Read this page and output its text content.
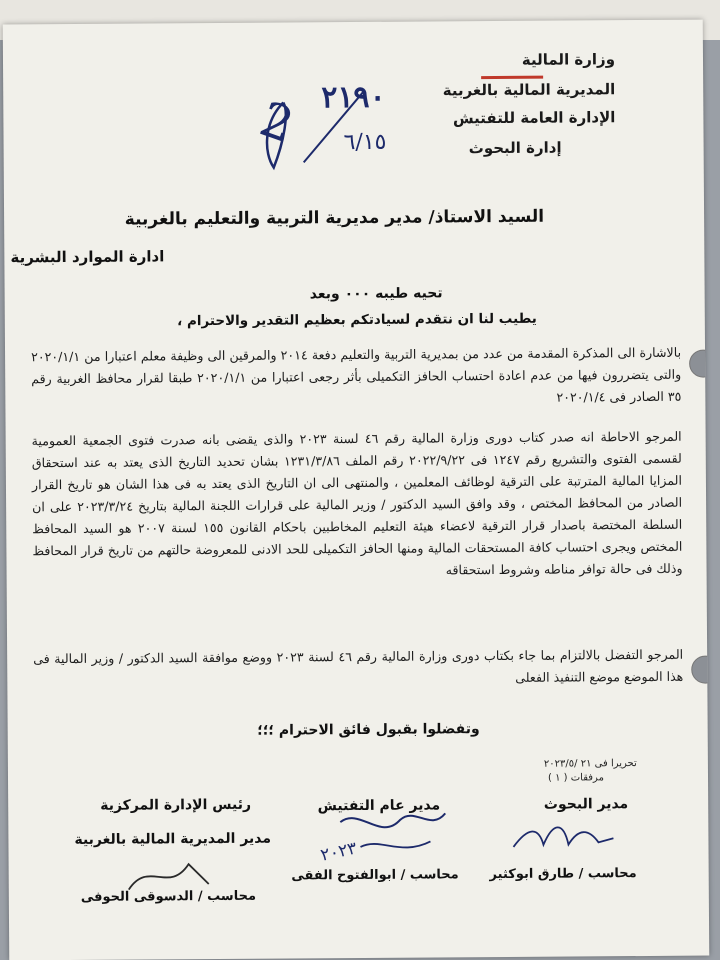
وزارة المالية
المديرية المالية بالغربية
الإدارة العامة للتفتيش
إدارة البحوث
٢١٩٠
٦/١٥
2
السيد الاستاذ/ مدير مديرية التربية والتعليم بالغربية
ادارة الموارد البشرية
تحيه طيبه ٠٠٠ وبعد
يطيب لنا ان نتقدم لسيادتكم بعظيم التقدير والاحترام ،

بالاشارة الى المذكرة المقدمة من عدد من بمديرية التربية والتعليم دفعة ٢٠١٤ والمرقين الى وظيفة معلم اعتبارا من ٢٠٢٠/١/١ والتى يتضررون فيها من عدم اعادة احتساب الحافز التكميلى بأثر رجعى اعتبارا من ٢٠٢٠/١/١ طبقا لقرار محافظ الغربية رقم ٣٥ الصادر فى ٢٠٢٠/١/٤

المرجو الاحاطة انه صدر كتاب دورى وزارة المالية رقم ٤٦ لسنة ٢٠٢٣ والذى يقضى بانه صدرت فتوى الجمعية العمومية لقسمى الفتوى والتشريع رقم ١٢٤٧ فى ٢٠٢٢/٩/٢٢ رقم الملف ١٢٣١/٣/٨٦ بشان تحديد التاريخ الذى يعتد به عند استحقاق المزايا المالية المترتبة على الترقية لوظائف المعلمين ، والمنتهى الى ان التاريخ الذى يعتد به فى هذا الشان هو تاريخ القرار الصادر من المحافظ المختص ، وقد وافق السيد الدكتور / وزير المالية على قرارات اللجنة المالية بتاريخ ٢٠٢٣/٣/٢٤ على ان السلطة المختصة باصدار قرار الترقية لاعضاء هيئة التعليم المخاطبين باحكام القانون ١٥٥ لسنة ٢٠٠٧ هو السيد المحافظ المختص ويجرى احتساب كافة المستحقات المالية ومنها الحافز التكميلى للحد الادنى للمعروضة حالتهم من تاريخ قرار المحافظ وذلك فى حالة توافر مناطه وشروط استحقاقه

المرجو التفضل بالالتزام بما جاء بكتاب دورى وزارة المالية رقم ٤٦ لسنة ٢٠٢٣ ووضع موافقة السيد الدكتور / وزير المالية فى هذا الموضع موضع التنفيذ الفعلى

وتفضلوا بقبول فائق الاحترام ؛؛؛
تحريرا فى ٢١ /٢٠٢٣/٥
مرفقات ( ١ )
مدير البحوث
محاسب / طارق ابوكثير
مدير عام التفتيش
٢٠٢٣
محاسب / ابوالفتوح الفقى
رئيس الإدارة المركزية
مدير المديرية المالية بالغربية
محاسب / الدسوقى الحوفى
